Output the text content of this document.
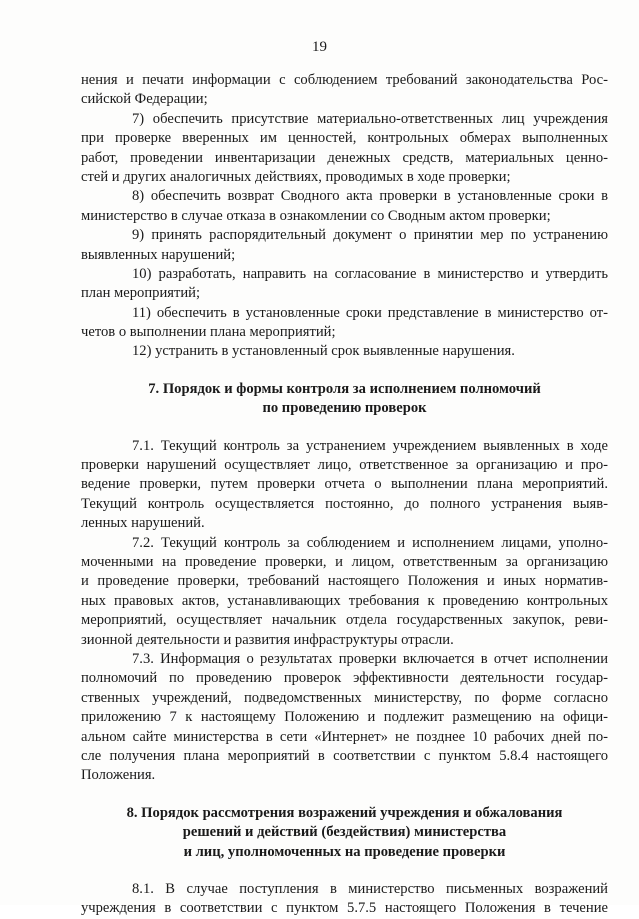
19
нения и печати информации с соблюдением требований законодательства Рос-
сийской Федерации;
7) обеспечить присутствие материально-ответственных лиц учреждения
при проверке вверенных им ценностей, контрольных обмерах выполненных
работ, проведении инвентаризации денежных средств, материальных ценно-
стей и других аналогичных действиях, проводимых в ходе проверки;
8) обеспечить возврат Сводного акта проверки в установленные сроки в
министерство в случае отказа в ознакомлении со Сводным актом проверки;
9) принять распорядительный документ о принятии мер по устранению
выявленных нарушений;
10) разработать, направить на согласование в министерство и утвердить
план мероприятий;
11) обеспечить в установленные сроки представление в министерство от-
четов о выполнении плана мероприятий;
12) устранить в установленный срок выявленные нарушения.
7. Порядок и формы контроля за исполнением полномочий
по проведению проверок
7.1. Текущий контроль за устранением учреждением выявленных в ходе
проверки нарушений осуществляет лицо, ответственное за организацию и про-
ведение проверки, путем проверки отчета о выполнении плана мероприятий.
Текущий контроль осуществляется постоянно, до полного устранения выяв-
ленных нарушений.
7.2. Текущий контроль за соблюдением и исполнением лицами, уполно-
моченными на проведение проверки, и лицом, ответственным за организацию
и проведение проверки, требований настоящего Положения и иных норматив-
ных правовых актов, устанавливающих требования к проведению контрольных
мероприятий, осуществляет начальник отдела государственных закупок, реви-
зионной деятельности и развития инфраструктуры отрасли.
7.3. Информация о результатах проверки включается в отчет исполнении
полномочий по проведению проверок эффективности деятельности государ-
ственных учреждений, подведомственных министерству, по форме согласно
приложению 7 к настоящему Положению и подлежит размещению на офици-
альном сайте министерства в сети «Интернет» не позднее 10 рабочих дней по-
сле получения плана мероприятий в соответствии с пунктом 5.8.4 настоящего
Положения.
8. Порядок рассмотрения возражений учреждения и обжалования
решений и действий (бездействия) министерства
и лиц, уполномоченных на проведение проверки
8.1. В случае поступления в министерство письменных возражений
учреждения в соответствии с пунктом 5.7.5 настоящего Положения в течение
